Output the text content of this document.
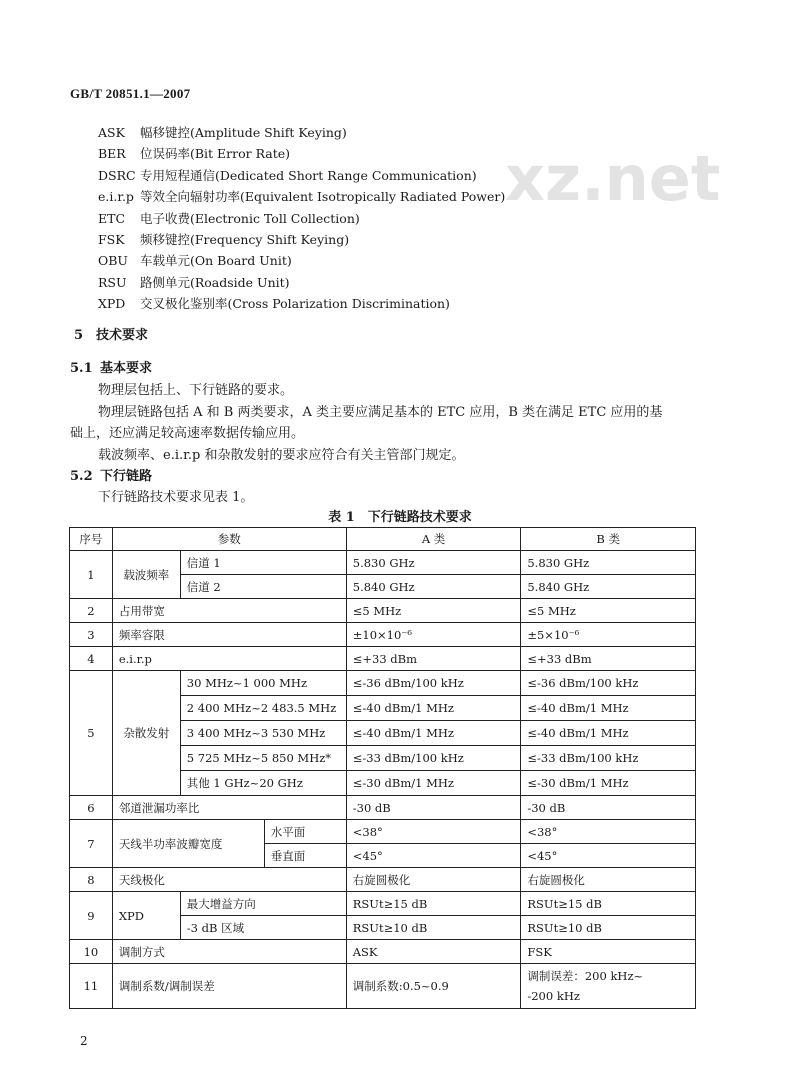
GB/T 20851.1—2007
xz.net
ASK 幅移键控(Amplitude Shift Keying)
BER 位误码率(Bit Error Rate)
DSRC 专用短程通信(Dedicated Short Range Communication)
e.i.r.p 等效全向辐射功率(Equivalent Isotropically Radiated Power)
ETC 电子收费(Electronic Toll Collection)
FSK 频移键控(Frequency Shift Keying)
OBU 车载单元(On Board Unit)
RSU 路侧单元(Roadside Unit)
XPD 交叉极化鉴别率(Cross Polarization Discrimination)
5 技术要求
5.1 基本要求
物理层包括上、下行链路的要求。
物理层链路包括 A 和 B 两类要求，A 类主要应满足基本的 ETC 应用，B 类在满足 ETC 应用的基
础上，还应满足较高速率数据传输应用。
载波频率、e.i.r.p 和杂散发射的要求应符合有关主管部门规定。
5.2 下行链路
下行链路技术要求见表 1。
表 1　下行链路技术要求
序号	参数			A 类	B 类
1	载波频率	信道 1		5.830 GHz	5.830 GHz
		信道 2		5.840 GHz	5.840 GHz
2	占用带宽			≤5 MHz	≤5 MHz
3	频率容限			±10×10⁻⁶	±5×10⁻⁶
4	e.i.r.p			≤+33 dBm	≤+33 dBm
5	杂散发射	30 MHz~1 000 MHz		≤-36 dBm/100 kHz	≤-36 dBm/100 kHz
		2 400 MHz~2 483.5 MHz		≤-40 dBm/1 MHz	≤-40 dBm/1 MHz
		3 400 MHz~3 530 MHz		≤-40 dBm/1 MHz	≤-40 dBm/1 MHz
		5 725 MHz~5 850 MHz*		≤-33 dBm/100 kHz	≤-33 dBm/100 kHz
		其他 1 GHz~20 GHz		≤-30 dBm/1 MHz	≤-30 dBm/1 MHz
6	邻道泄漏功率比			-30 dB	-30 dB
7	天线半功率波瓣宽度		水平面	<38°	<38°
			垂直面	<45°	<45°
8	天线极化			右旋圆极化	右旋圆极化
9	XPD	最大增益方向		RSUt≥15 dB	RSUt≥15 dB
		-3 dB 区域		RSUt≥10 dB	RSUt≥10 dB
10	调制方式			ASK	FSK
11	调制系数/调制误差			调制系数:0.5~0.9	调制误差：200 kHz~
-200 kHz
2
